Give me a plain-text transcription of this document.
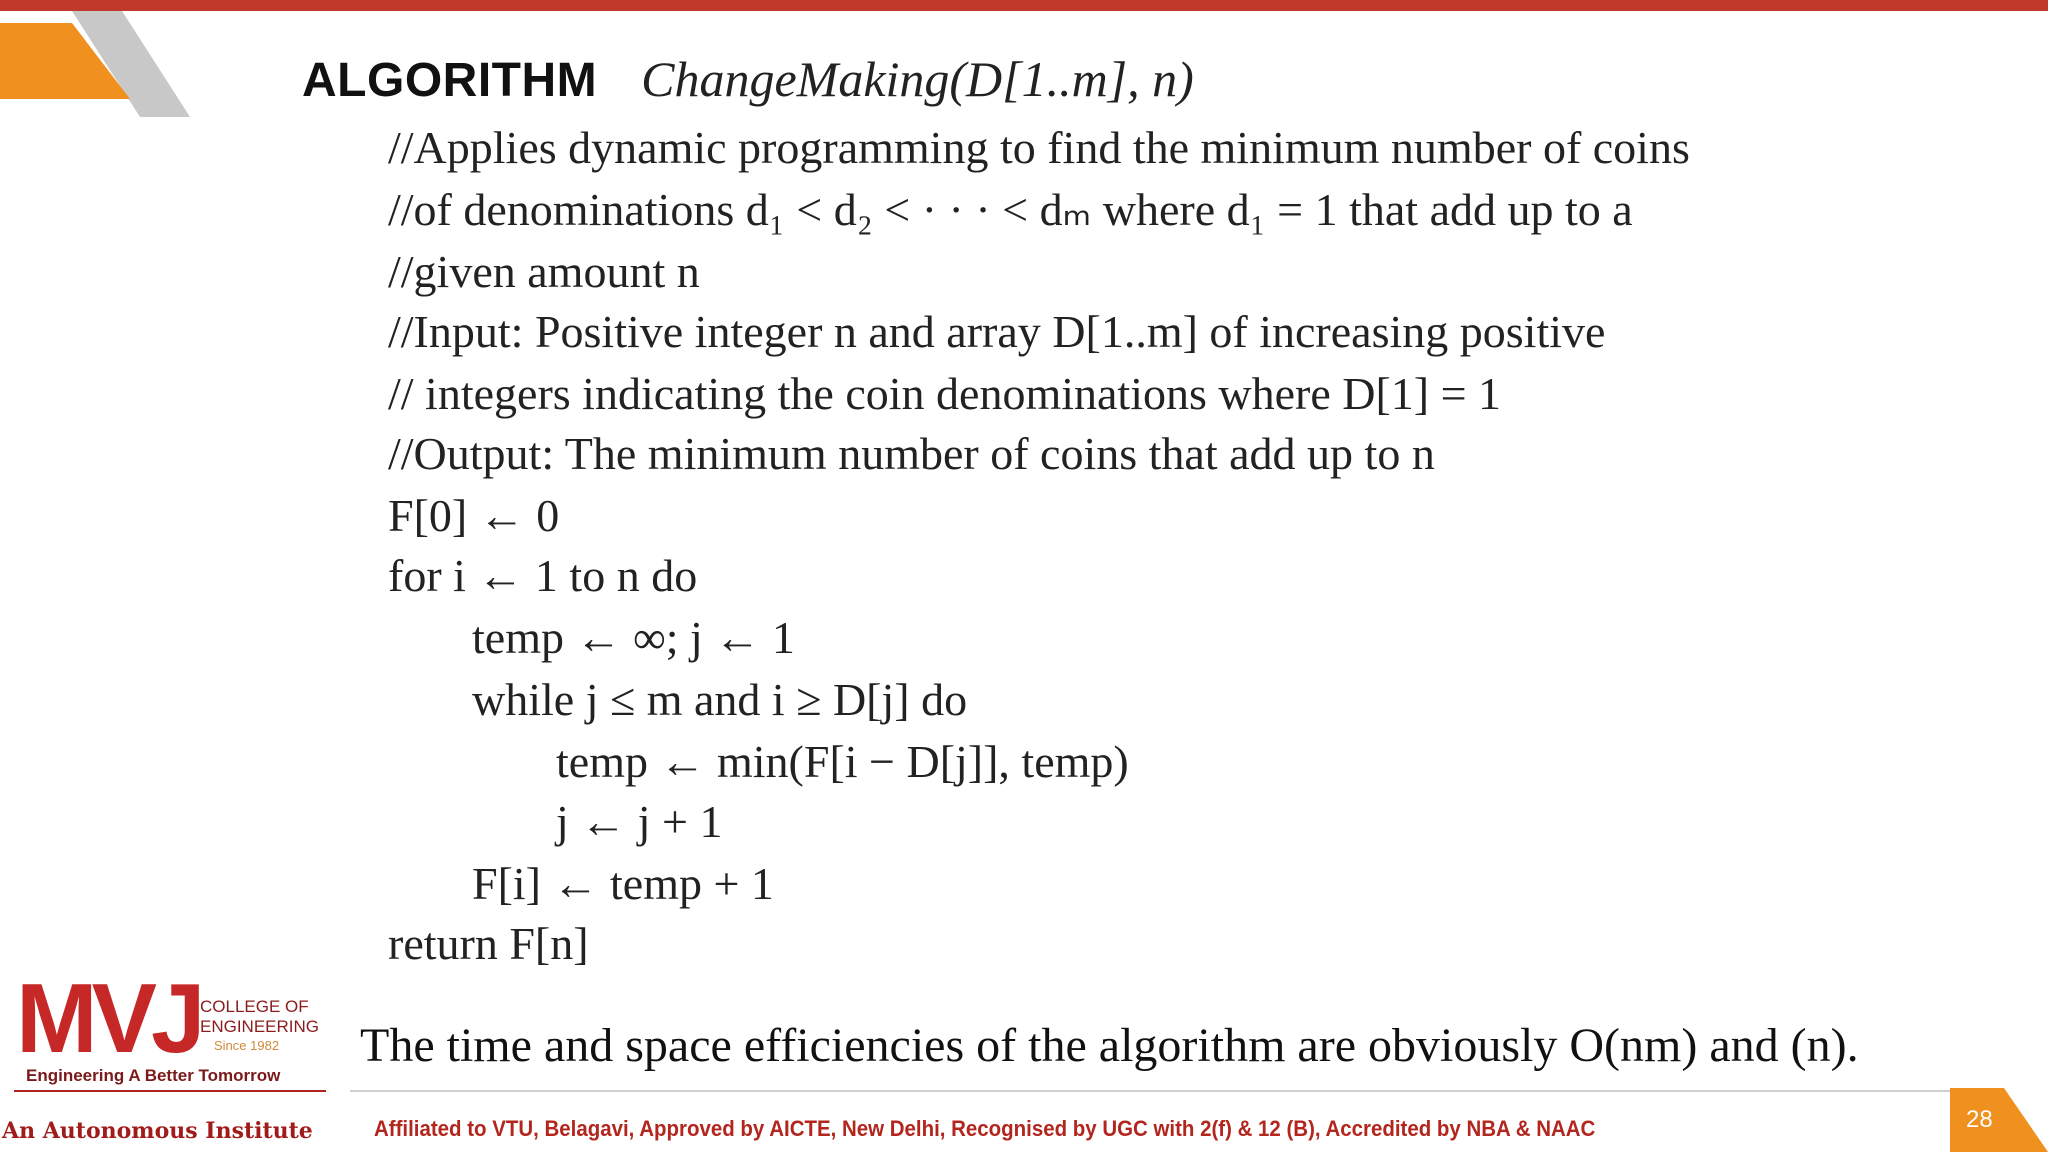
ALGORITHM ChangeMaking(D[1..m], n)
//Applies dynamic programming to find the minimum number of coins
//of denominations d₁ < d₂ < · · · < dₘ where d₁ = 1 that add up to a
//given amount n
//Input: Positive integer n and array D[1..m] of increasing positive
// integers indicating the coin denominations where D[1] = 1
//Output: The minimum number of coins that add up to n
F[0] ← 0
for i ← 1 to n do
temp ← ∞; j ← 1
while j ≤ m and i ≥ D[j] do
temp ← min(F[i − D[j]], temp)
j ← j + 1
F[i] ← temp + 1
return F[n]
The time and space efficiencies of the algorithm are obviously O(nm) and (n).
MVJ COLLEGE OF
ENGINEERING
Since 1982
Engineering A Better Tomorrow
An Autonomous Institute	Affiliated to VTU, Belagavi, Approved by AICTE, New Delhi, Recognised by UGC with 2(f) & 12 (B), Accredited by NBA & NAAC	28
